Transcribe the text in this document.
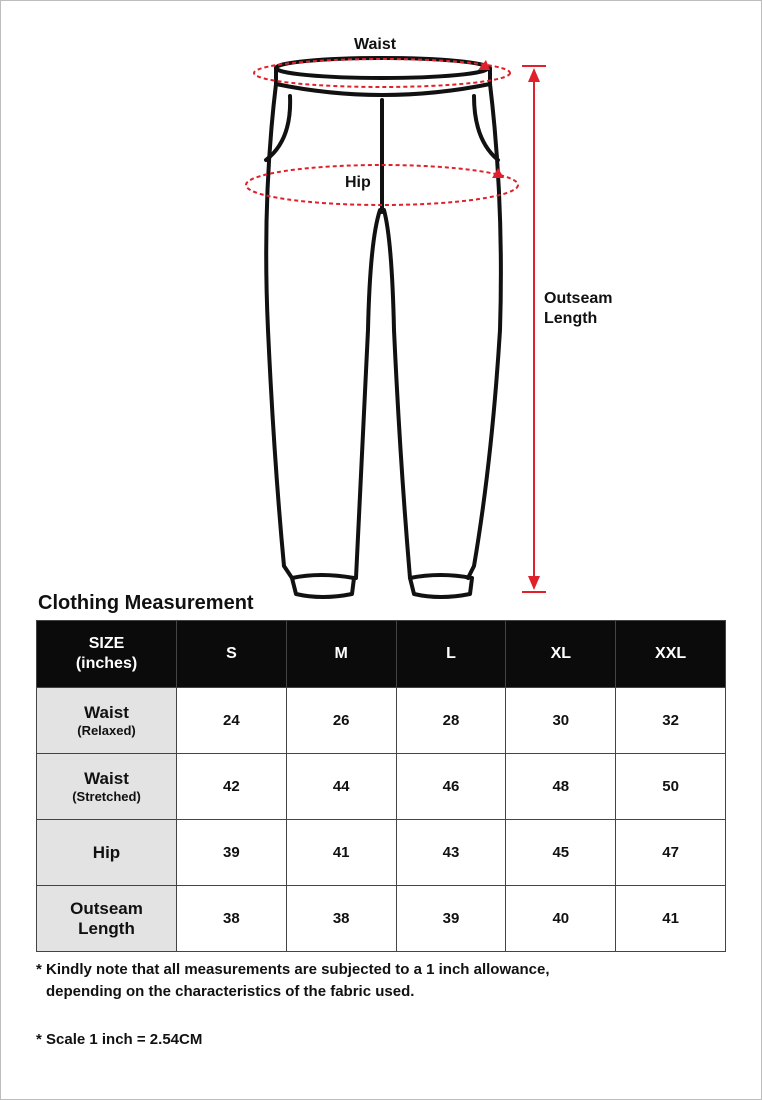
Waist
Hip
Outseam
Length
Clothing Measurement
SIZE
(inches)	S	M	L	XL	XXL

Waist
(Relaxed)	24	26	28	30	32

Waist
(Stretched)	42	44	46	48	50

Hip	39	41	43	45	47

Outseam
Length	38	38	39	40	41
* Kindly note that all measurements are subjected to a 1 inch allowance,
depending on the characteristics of the fabric used.
* Scale 1 inch = 2.54CM
